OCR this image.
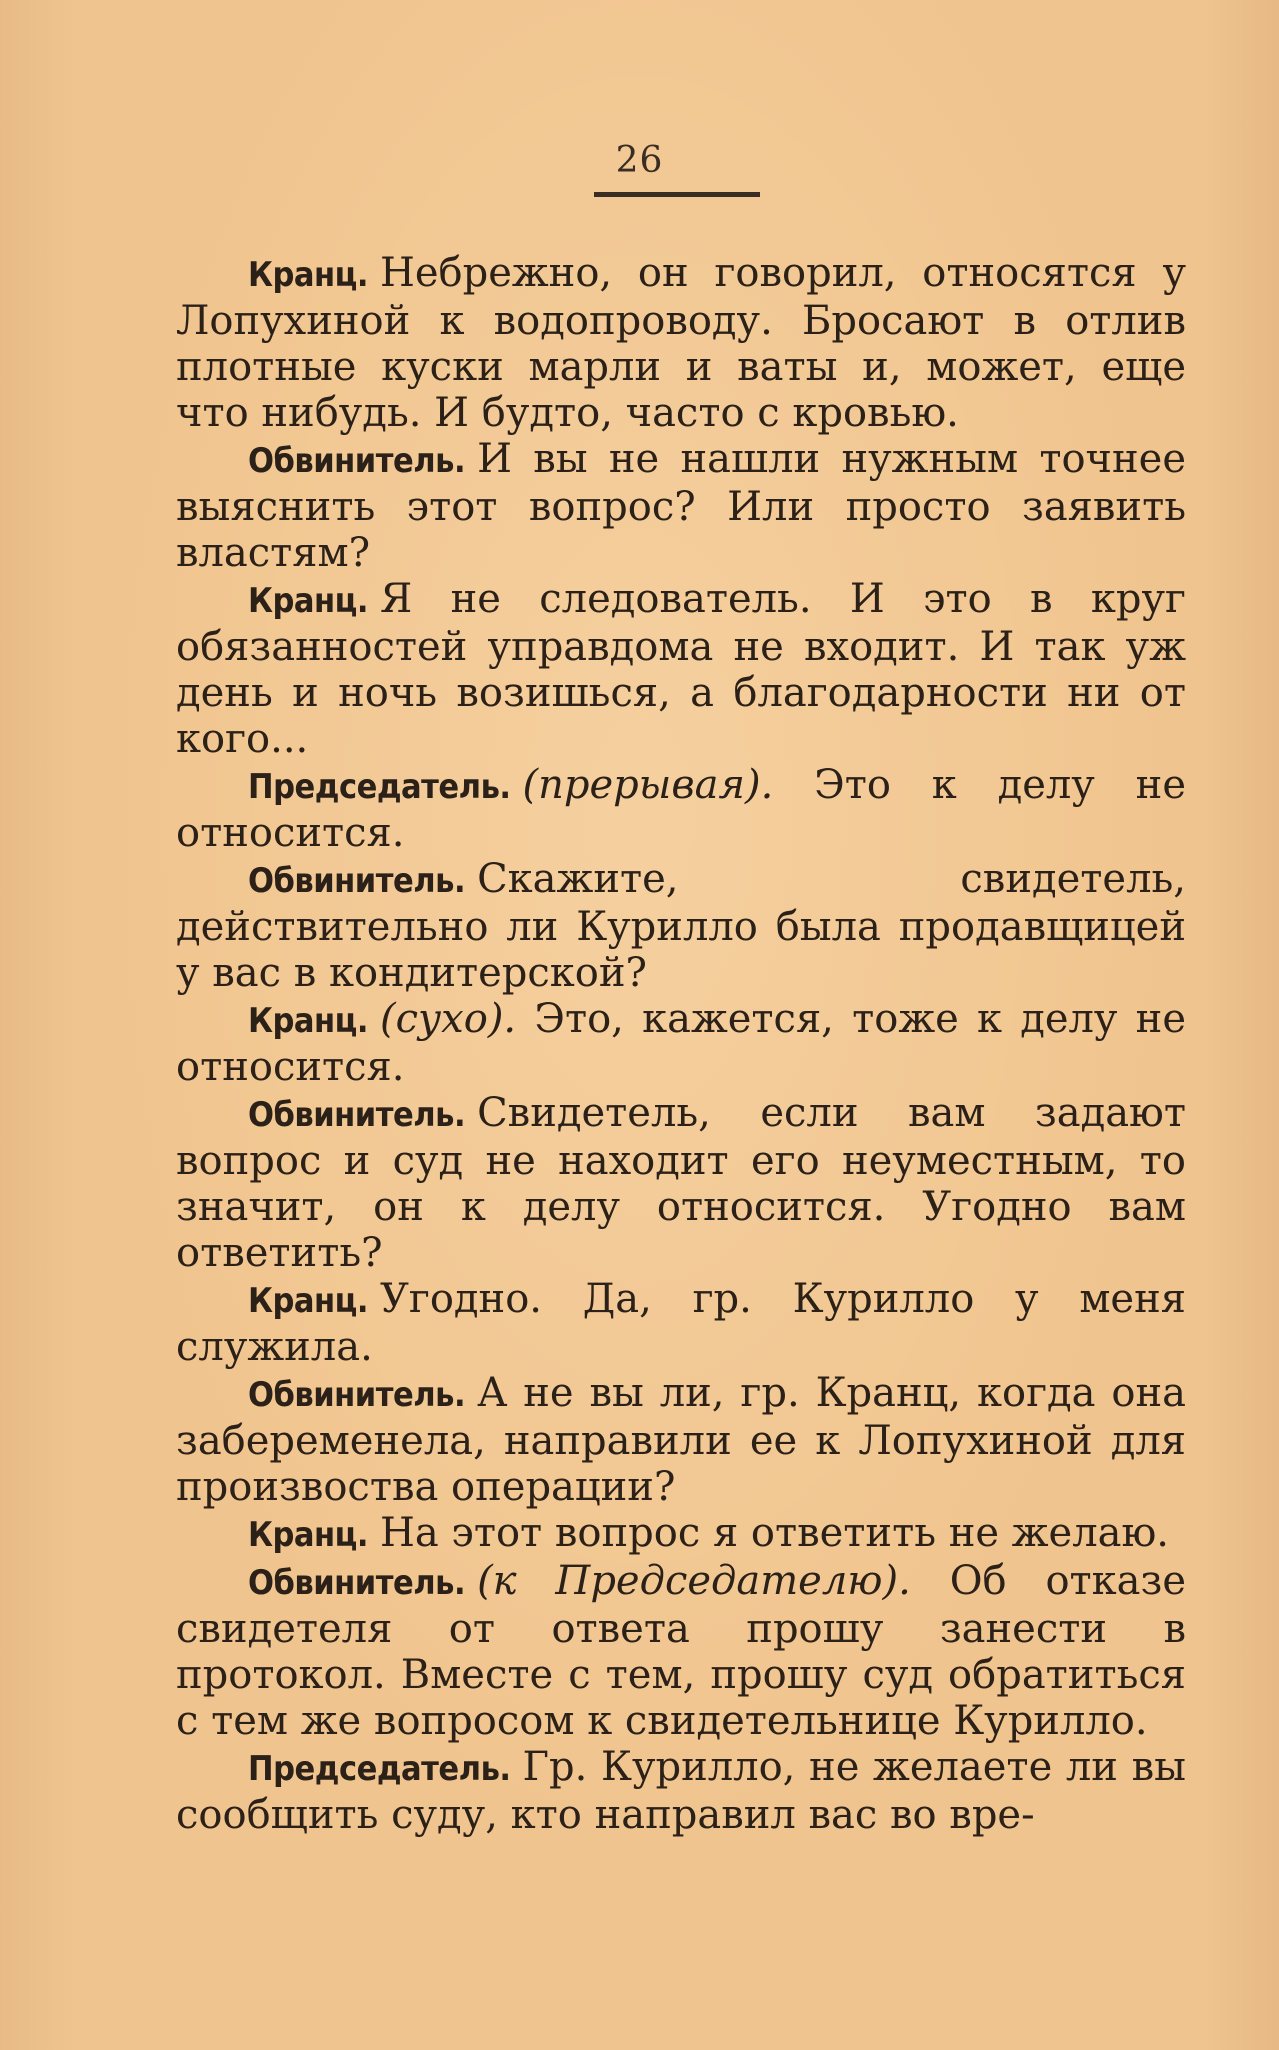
26

Кранц. Небрежно, он говорил, относятся у Лопухиной к водопроводу. Бросают в отлив плотные куски марли и ваты и, может, еще что нибудь. И будто, часто с кровью.

Обвинитель. И вы не нашли нужным точнее выяснить этот вопрос? Или просто заявить властям?

Кранц. Я не следователь. И это в круг обязанностей управдома не входит. И так уж день и ночь возишься, а благодарности ни от кого...

Председатель. (прерывая). Это к делу не относится.

Обвинитель. Скажите, свидетель, действительно ли Курилло была продавщицей у вас в кондитерской?

Кранц. (сухо). Это, кажется, тоже к делу не относится.

Обвинитель. Свидетель, если вам задают вопрос и суд не находит его неуместным, то значит, он к делу относится. Угодно вам ответить?

Кранц. Угодно. Да, гр. Курилло у меня служила.

Обвинитель. А не вы ли, гр. Кранц, когда она забеременела, направили ее к Лопухиной для произвоства операции?

Кранц. На этот вопрос я ответить не желаю.

Обвинитель. (к Председателю). Об отказе свидетеля от ответа прошу занести в протокол. Вместе с тем, прошу суд обратиться с тем же вопросом к свидетельнице Курилло.

Председатель. Гр. Курилло, не желаете ли вы сообщить суду, кто направил вас во вре-
